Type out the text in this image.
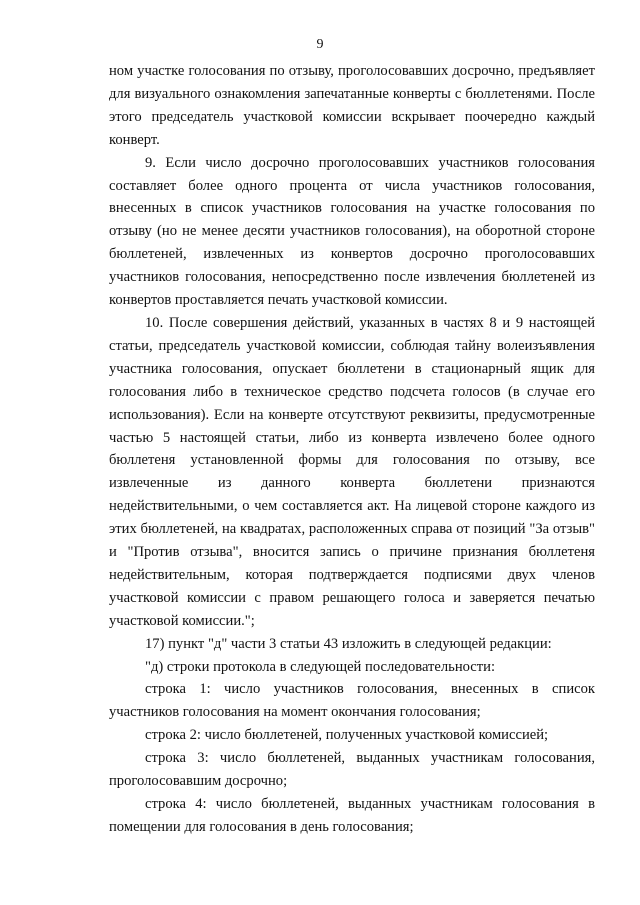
9

ном участке голосования по отзыву, проголосовавших досрочно, предъявляет для визуального ознакомления запечатанные конверты с бюллетенями. После этого председатель участковой комиссии вскрывает поочередно каждый конверт.

9. Если число досрочно проголосовавших участников голосования составляет более одного процента от числа участников голосования, внесенных в список участников голосования на участке голосования по отзыву (но не менее десяти участников голосования), на оборотной стороне бюллетеней, извлеченных из конвертов досрочно проголосовавших участников голосования, непосредственно после извлечения бюллетеней из конвертов проставляется печать участковой комиссии.

10. После совершения действий, указанных в частях 8 и 9 настоящей статьи, председатель участковой комиссии, соблюдая тайну волеизъявления участника голосования, опускает бюллетени в стационарный ящик для голосования либо в техническое средство подсчета голосов (в случае его использования). Если на конверте отсутствуют реквизиты, предусмотренные частью 5 настоящей статьи, либо из конверта извлечено более одного бюллетеня установленной формы для голосования по отзыву, все извлеченные из данного конверта бюллетени признаются недействительными, о чем составляется акт. На лицевой стороне каждого из этих бюллетеней, на квадратах, расположенных справа от позиций "За отзыв" и "Против отзыва", вносится запись о причине признания бюллетеня недействительным, которая подтверждается подписями двух членов участковой комиссии с правом решающего голоса и заверяется печатью участковой комиссии.";

17) пункт "д" части 3 статьи 43 изложить в следующей редакции:

"д) строки протокола в следующей последовательности:

строка 1: число участников голосования, внесенных в список участников голосования на момент окончания голосования;

строка 2: число бюллетеней, полученных участковой комиссией;

строка 3: число бюллетеней, выданных участникам голосования, проголосовавшим досрочно;

строка 4: число бюллетеней, выданных участникам голосования в помещении для голосования в день голосования;
